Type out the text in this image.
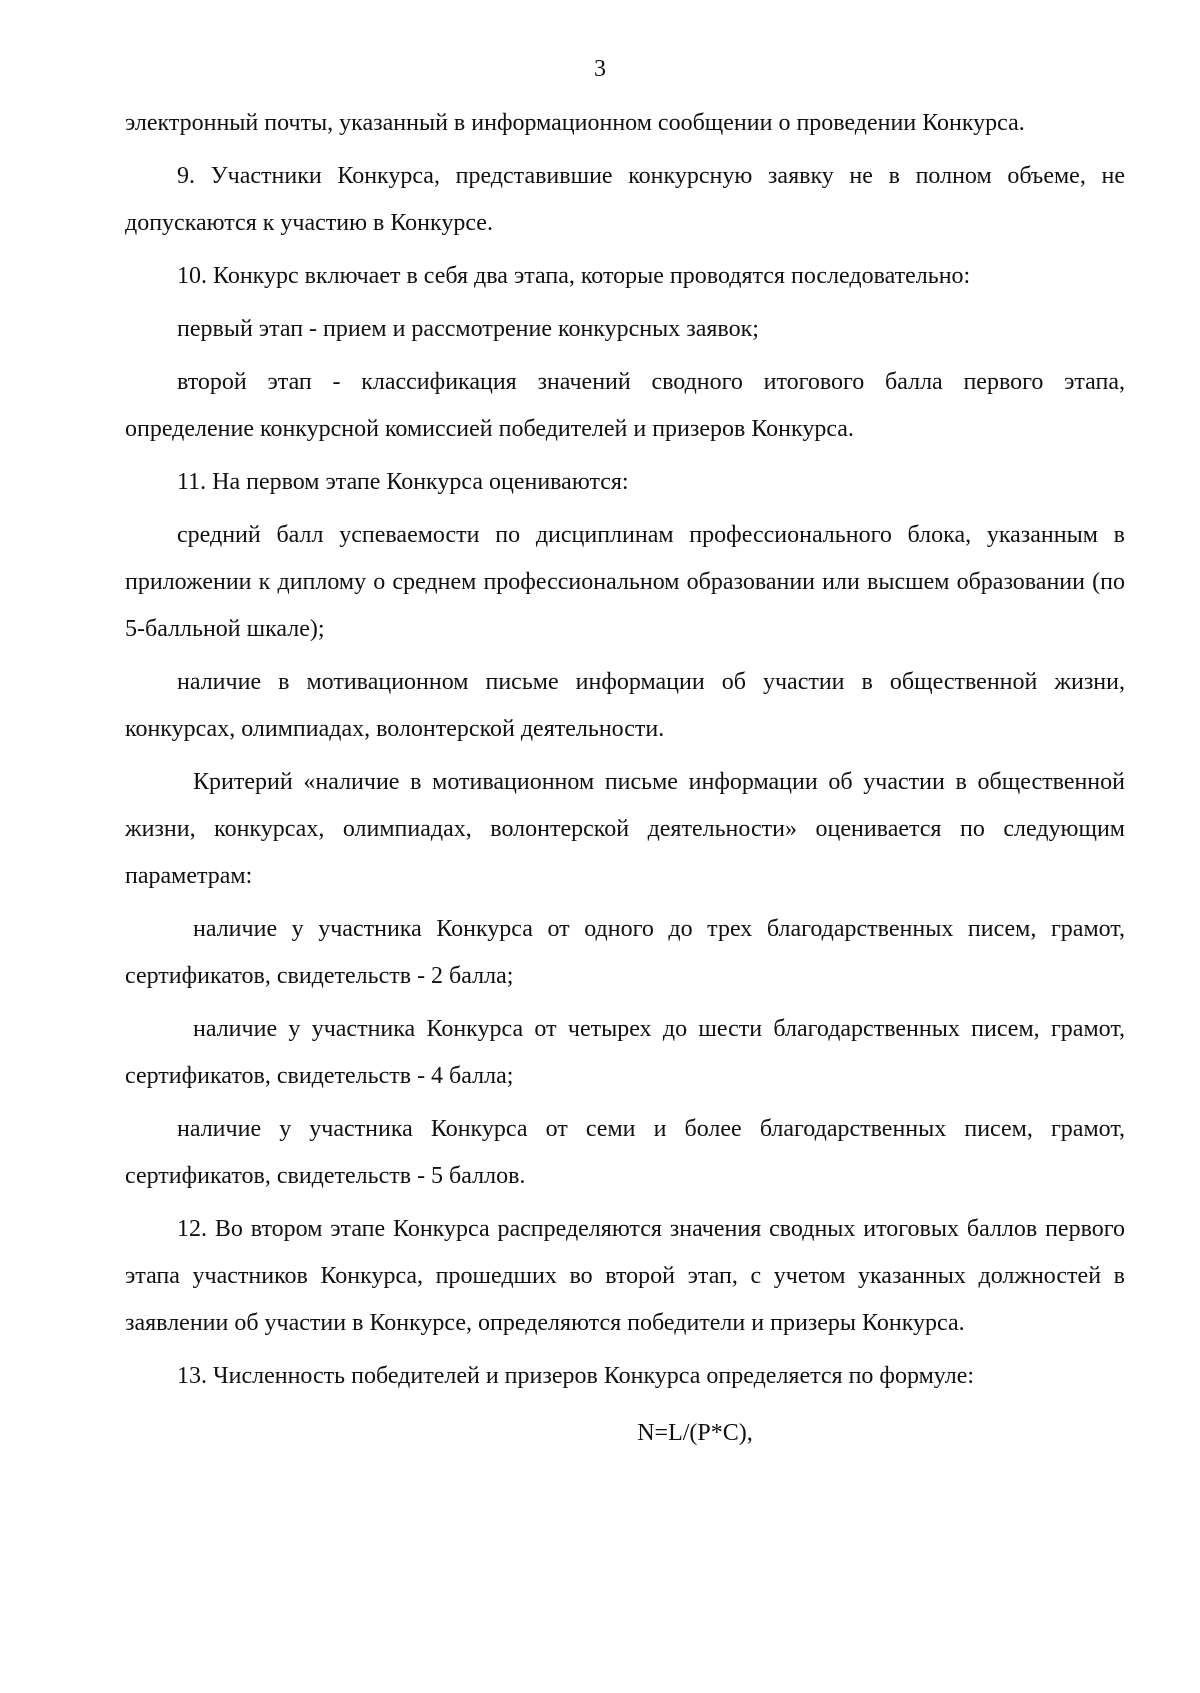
3

электронный почты, указанный в информационном сообщении о проведении Конкурса.

9. Участники Конкурса, представившие конкурсную заявку не в полном объеме, не допускаются к участию в Конкурсе.

10. Конкурс включает в себя два этапа, которые проводятся последовательно:

первый этап - прием и рассмотрение конкурсных заявок;

второй этап - классификация значений сводного итогового балла первого этапа, определение конкурсной комиссией победителей и призеров Конкурса.

11. На первом этапе Конкурса оцениваются:

средний балл успеваемости по дисциплинам профессионального блока, указанным в приложении к диплому о среднем профессиональном образовании или высшем образовании (по 5-балльной шкале);

наличие в мотивационном письме информации об участии в общественной жизни, конкурсах, олимпиадах, волонтерской деятельности.

Критерий «наличие в мотивационном письме информации об участии в общественной жизни, конкурсах, олимпиадах, волонтерской деятельности» оценивается по следующим параметрам:

наличие у участника Конкурса от одного до трех благодарственных писем, грамот, сертификатов, свидетельств - 2 балла;

наличие у участника Конкурса от четырех до шести благодарственных писем, грамот, сертификатов, свидетельств - 4 балла;

наличие у участника Конкурса от семи и более благодарственных писем, грамот, сертификатов, свидетельств - 5 баллов.

12. Во втором этапе Конкурса распределяются значения сводных итоговых баллов первого этапа участников Конкурса, прошедших во второй этап, с учетом указанных должностей в заявлении об участии в Конкурсе, определяются победители и призеры Конкурса.

13. Численность победителей и призеров Конкурса определяется по формуле:

N=L/(P*C),
